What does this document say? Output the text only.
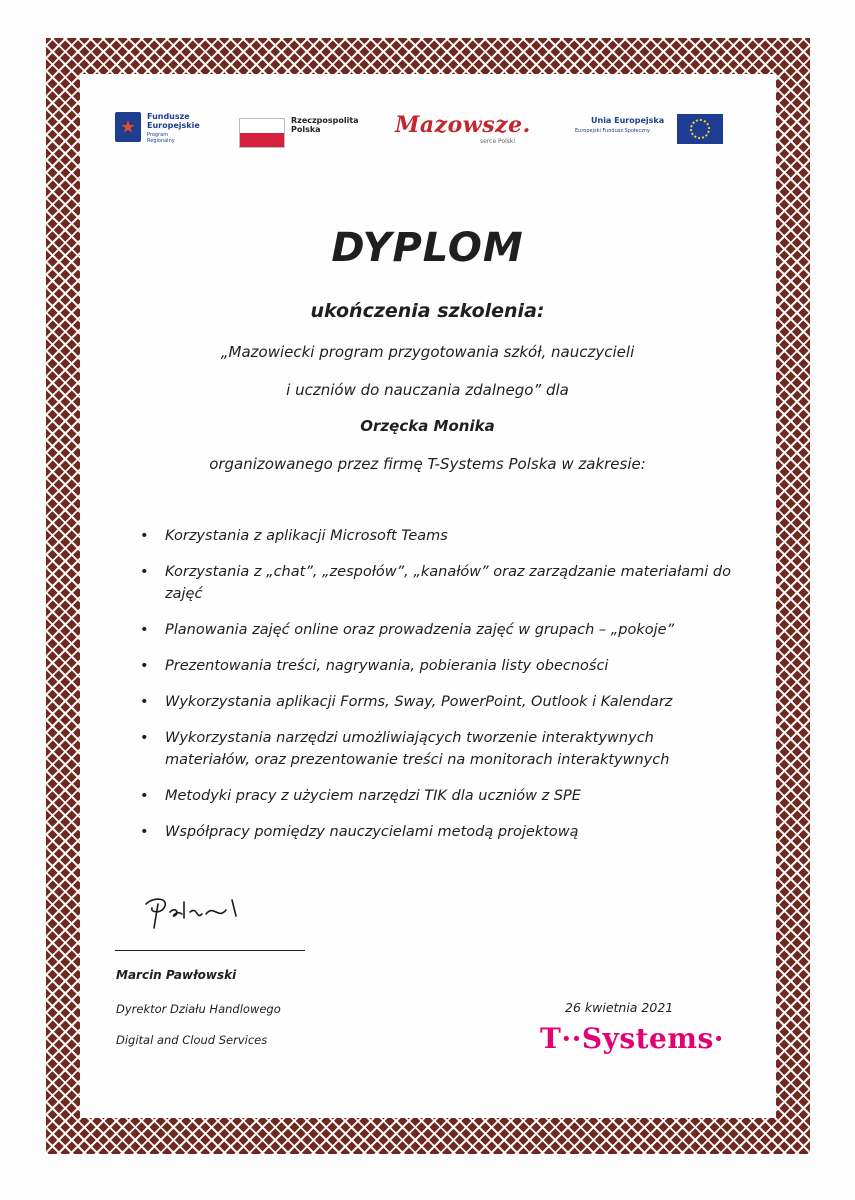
Fundusze
Europejskie
Program Regionalny
Rzeczpospolita
Polska	Mazowsze.
serce Polski
Unia Europejska
Europejski Fundusz Społeczny
DYPLOM
ukończenia szkolenia:
„Mazowiecki program przygotowania szkół, nauczycieli
i uczniów do nauczania zdalnego” dla
Orzęcka Monika
organizowanego przez firmę T-Systems Polska w zakresie:
• Korzystania z aplikacji Microsoft Teams
• Korzystania z „chat”, „zespołów”, „kanałów” oraz zarządzanie materiałami do zajęć
• Planowania zajęć online oraz prowadzenia zajęć w grupach – „pokoje”
• Prezentowania treści, nagrywania, pobierania listy obecności
• Wykorzystania aplikacji Forms, Sway, PowerPoint, Outlook i Kalendarz
• Wykorzystania narzędzi umożliwiających tworzenie interaktywnych materiałów, oraz prezentowanie treści na monitorach interaktywnych
• Metodyki pracy z użyciem narzędzi TIK dla uczniów z SPE
• Współpracy pomiędzy nauczycielami metodą projektową
Marcin Pawłowski
Dyrektor Działu Handlowego
Digital and Cloud Services
26 kwietnia 2021
T··Systems·
